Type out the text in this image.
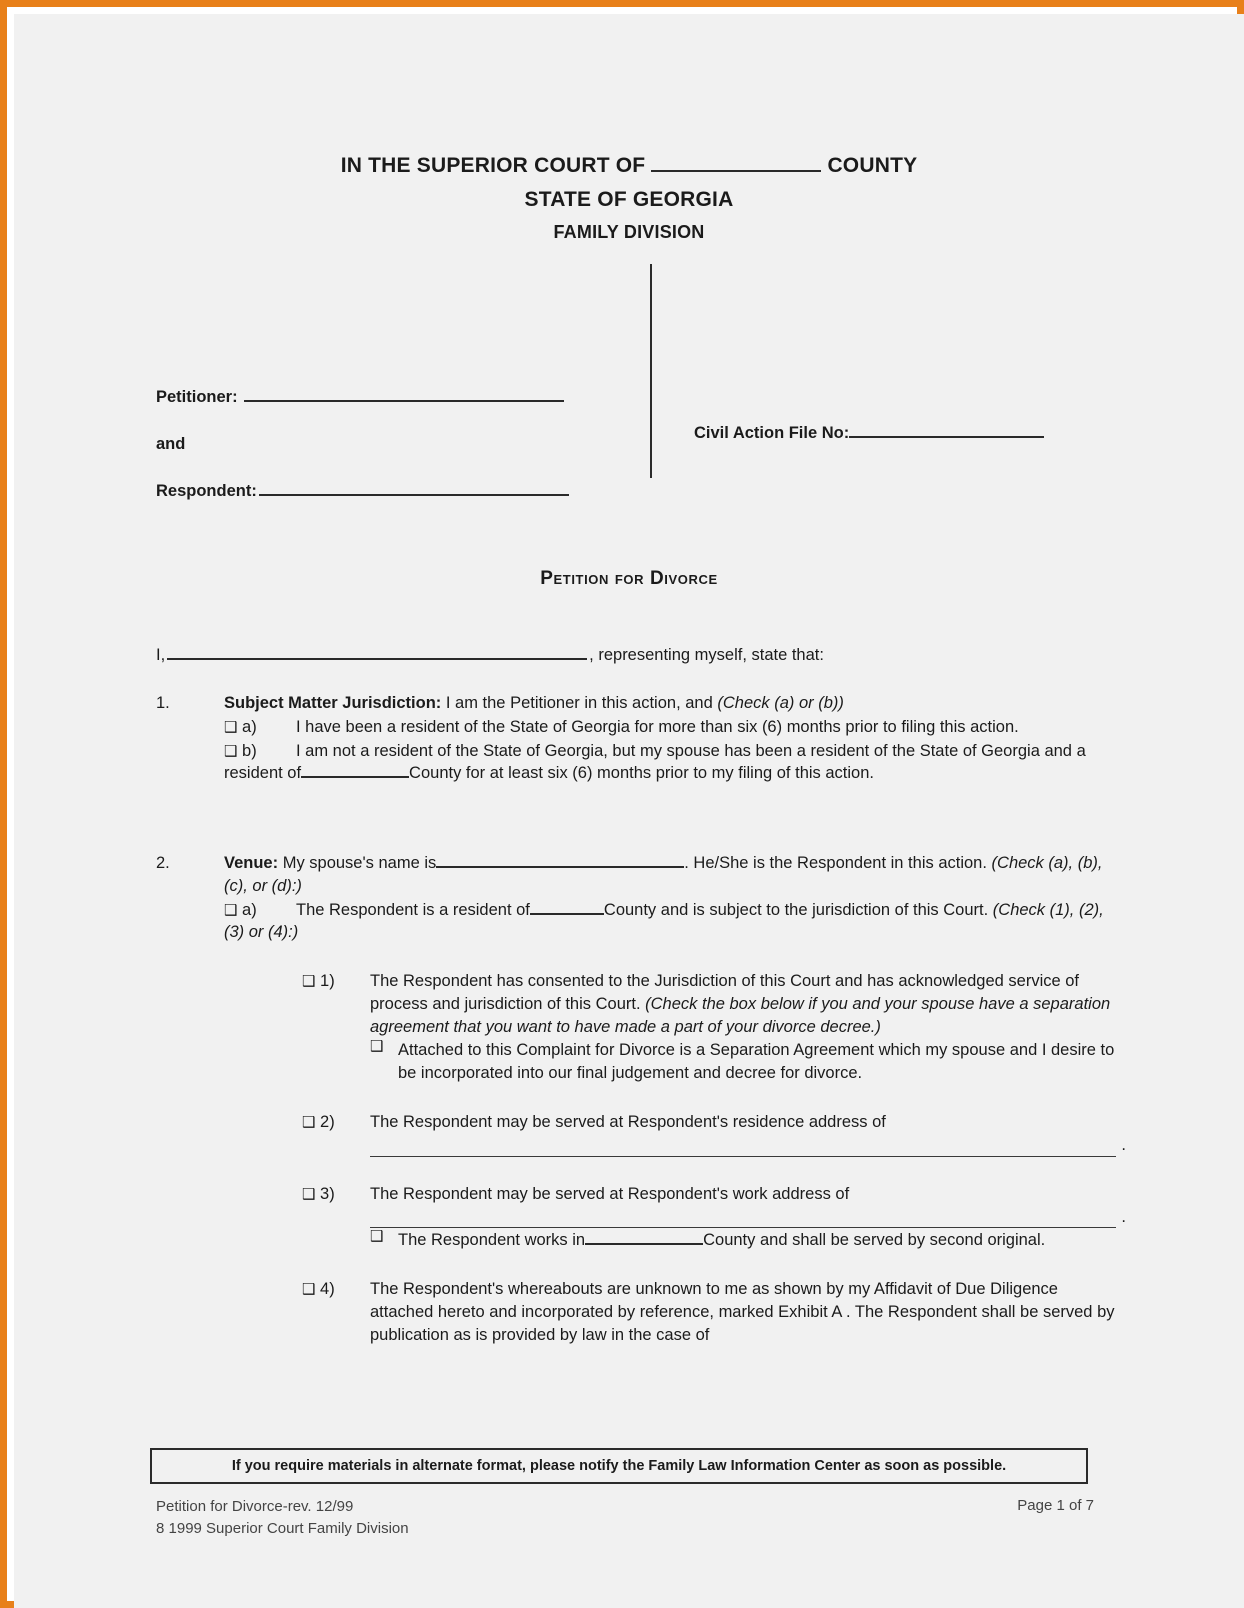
IN THE SUPERIOR COURT OF	COUNTY
STATE OF GEORGIA
FAMILY DIVISION
Petitioner:
and
Respondent:
Civil Action File No:
Petition for Divorce
I,	, representing myself, state that:
1.	Subject Matter Jurisdiction: I am the Petitioner in this action, and (Check (a) or (b))
❑ a)	I have been a resident of the State of Georgia for more than six (6) months prior to filing this action.
❑ b)	I am not a resident of the State of Georgia, but my spouse has been a resident of the State of Georgia and a resident of	County for at least six (6) months prior to my filing of this action.
2.	Venue: My spouse's name is	. He/She is the Respondent in this action. (Check (a), (b), (c), or (d):)
❑ a)	The Respondent is a resident of	County and is subject to the jurisdiction of this Court. (Check (1), (2), (3) or (4):)
❑ 1)	The Respondent has consented to the Jurisdiction of this Court and has acknowledged service of process and jurisdiction of this Court. (Check the box below if you and your spouse have a separation agreement that you want to have made a part of your divorce decree.)
❑ Attached to this Complaint for Divorce is a Separation Agreement which my spouse and I desire to be incorporated into our final judgement and decree for divorce.
❑ 2)	The Respondent may be served at Respondent's residence address of
.
❑ 3)	The Respondent may be served at Respondent's work address of
.
❑ The Respondent works in	County and shall be served by second original.
❑ 4)	The Respondent's whereabouts are unknown to me as shown by my Affidavit of Due Diligence attached hereto and incorporated by reference, marked Exhibit A . The Respondent shall be served by publication as is provided by law in the case of
If you require materials in alternate format, please notify the Family Law Information Center as soon as possible.
Petition for Divorce-rev. 12/99
8 1999 Superior Court Family Division
Page 1 of 7
